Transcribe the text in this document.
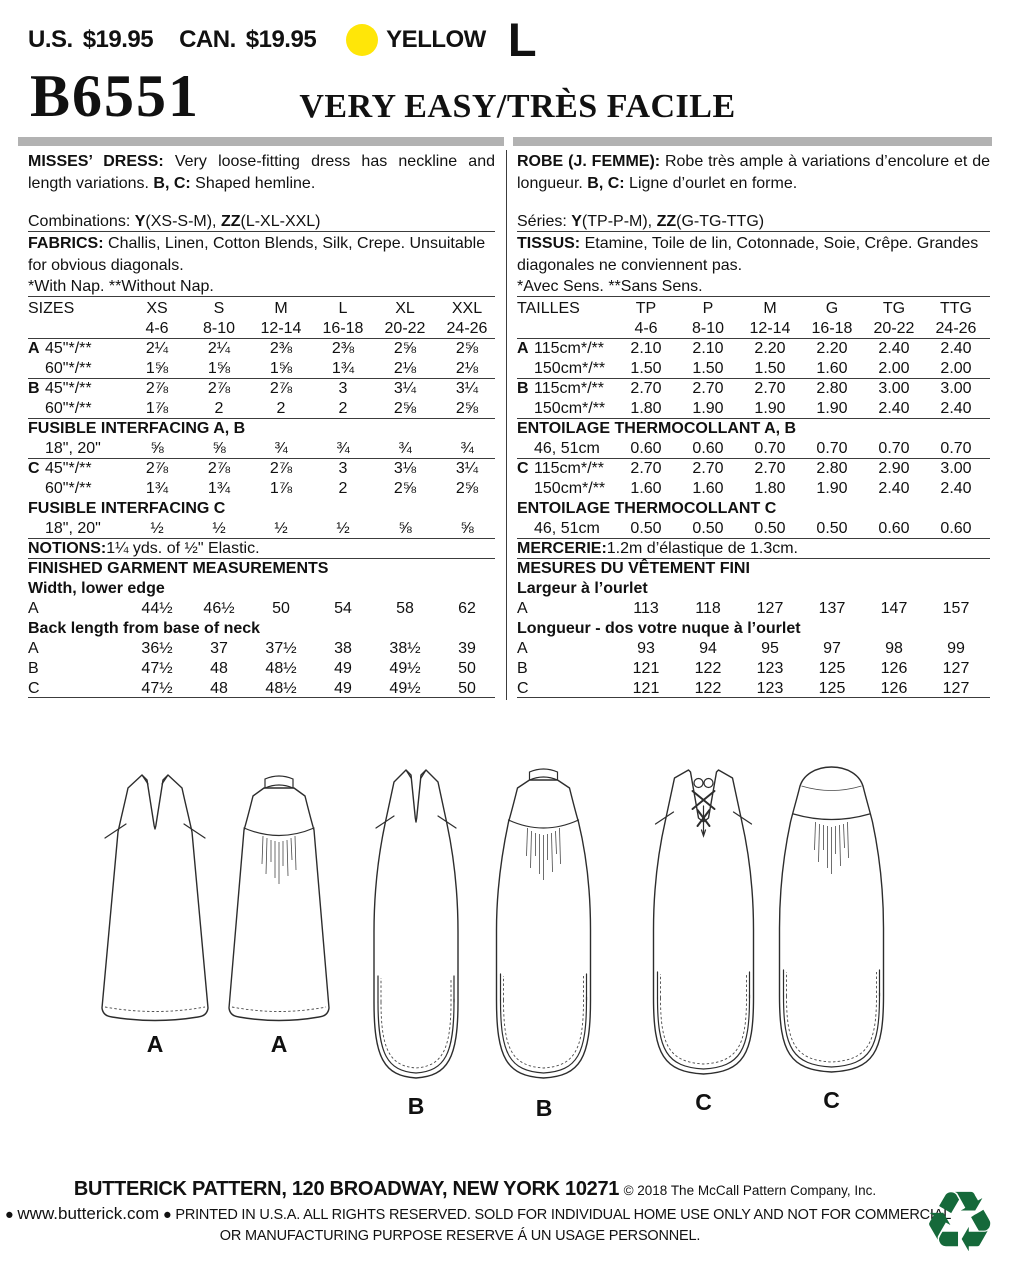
U.S. $19.95 CAN. $19.95	YELLOW L
B6551	VERY EASY/TRÈS FACILE
MISSES’ DRESS: Very loose-fitting dress has neckline and length variations. B, C: Shaped hemline.
Combinations: Y(XS-S-M), ZZ(L-XL-XXL)
FABRICS: Challis, Linen, Cotton Blends, Silk, Crepe. Unsuitable for obvious diagonals.
*With Nap. **Without Nap.
SIZES	XS	S	M	L	XL	XXL
4-6	8-10	12-14	16-18	20-22	24-26
A 45"*/**	2¼	2¼	2⅜	2⅜	2⅝	2⅝
60"*/**	1⅝	1⅝	1⅝	1¾	2⅛	2⅛
B 45"*/**	2⅞	2⅞	2⅞	3	3¼	3¼
60"*/**	1⅞	2	2	2	2⅝	2⅝
FUSIBLE INTERFACING A, B
18", 20"	⅝	⅝	¾	¾	¾	¾
C 45"*/**	2⅞	2⅞	2⅞	3	3⅛	3¼
60"*/**	1¾	1¾	1⅞	2	2⅝	2⅝
FUSIBLE INTERFACING C
18", 20"	½	½	½	½	⅝	⅝
NOTIONS: 1¼ yds. of ½" Elastic.
FINISHED GARMENT MEASUREMENTS
Width, lower edge
A	44½	46½	50	54	58	62
Back length from base of neck
A	36½	37	37½	38	38½	39
B	47½	48	48½	49	49½	50
C	47½	48	48½	49	49½	50
ROBE (J. FEMME): Robe très ample à variations d’encolure et de longueur. B, C: Ligne d’ourlet en forme.
Séries: Y(TP-P-M), ZZ(G-TG-TTG)
TISSUS: Etamine, Toile de lin, Cotonnade, Soie, Crêpe. Grandes diagonales ne conviennent pas.
*Avec Sens. **Sans Sens.
TAILLES	TP	P	M	G	TG	TTG
4-6	8-10	12-14	16-18	20-22	24-26
A 115cm*/**	2.10	2.10	2.20	2.20	2.40	2.40
150cm*/**	1.50	1.50	1.50	1.60	2.00	2.00
B 115cm*/**	2.70	2.70	2.70	2.80	3.00	3.00
150cm*/**	1.80	1.90	1.90	1.90	2.40	2.40
ENTOILAGE THERMOCOLLANT A, B
46, 51cm	0.60	0.60	0.70	0.70	0.70	0.70
C 115cm*/**	2.70	2.70	2.70	2.80	2.90	3.00
150cm*/**	1.60	1.60	1.80	1.90	2.40	2.40
ENTOILAGE THERMOCOLLANT C
46, 51cm	0.50	0.50	0.50	0.50	0.60	0.60
MERCERIE: 1.2m d’élastique de 1.3cm.
MESURES DU VÊTEMENT FINI
Largeur à l’ourlet
A	113	118	127	137	147	157
Longueur - dos votre nuque à l’ourlet
A	93	94	95	97	98	99
B	121	122	123	125	126	127
C	121	122	123	125	126	127
A	A
B	B	C	C
BUTTERICK PATTERN, 120 BROADWAY, NEW YORK 10271 © 2018 The McCall Pattern Company, Inc.
● www.butterick.com ● PRINTED IN U.S.A. ALL RIGHTS RESERVED. SOLD FOR INDIVIDUAL HOME USE ONLY AND NOT FOR COMMERCIAL
OR MANUFACTURING PURPOSE RESERVE Á UN USAGE PERSONNEL.	♻
